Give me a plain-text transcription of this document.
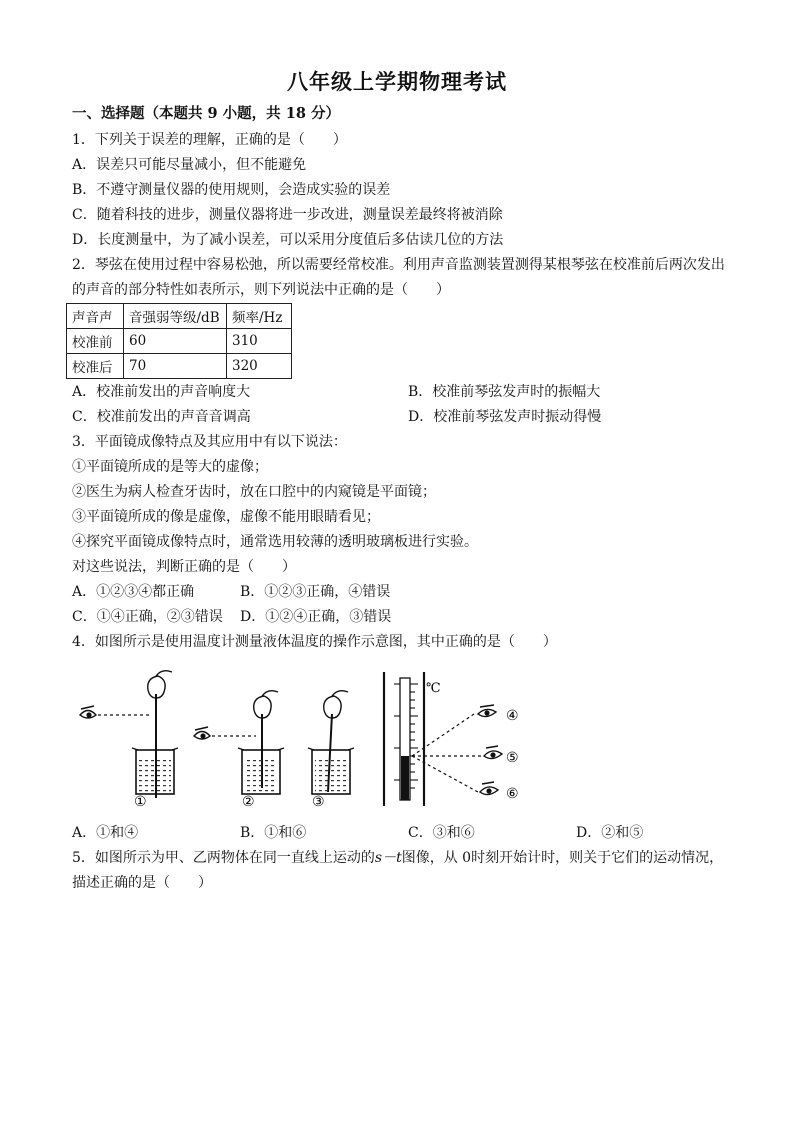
八年级上学期物理考试
一、选择题（本题共 9 小题，共 18 分）
1．下列关于误差的理解，正确的是（　　）
A．误差只可能尽量减小，但不能避免
B．不遵守测量仪器的使用规则，会造成实验的误差
C．随着科技的进步，测量仪器将进一步改进，测量误差最终将被消除
D．长度测量中，为了减小误差，可以采用分度值后多估读几位的方法
2．琴弦在使用过程中容易松弛，所以需要经常校准。利用声音监测装置测得某根琴弦在校准前后两次发出
的声音的部分特性如表所示，则下列说法中正确的是（　　）
声音声	音强弱等级/dB	频率/Hz
校准前	60	310
校准后	70	320
A．校准前发出的声音响度大	B．校准前琴弦发声时的振幅大
C．校准前发出的声音音调高	D．校准前琴弦发声时振动得慢
3．平面镜成像特点及其应用中有以下说法：
①平面镜所成的是等大的虚像；
②医生为病人检查牙齿时，放在口腔中的内窥镜是平面镜；
③平面镜所成的像是虚像，虚像不能用眼睛看见；
④探究平面镜成像特点时，通常选用较薄的透明玻璃板进行实验。
对这些说法，判断正确的是（　　）
A．①②③④都正确	B．①②③正确，④错误
C．①④正确，②③错误 D．①②④正确，③错误
4．如图所示是使用温度计测量液体温度的操作示意图，其中正确的是（　　）
①	②	③
℃
④
⑤
⑥
A．①和④	B．①和⑥	C．③和⑥	D．②和⑤
5．如图所示为甲、乙两物体在同一直线上运动的s－t图像，从 0时刻开始计时，则关于它们的运动情况，
描述正确的是（　　）
